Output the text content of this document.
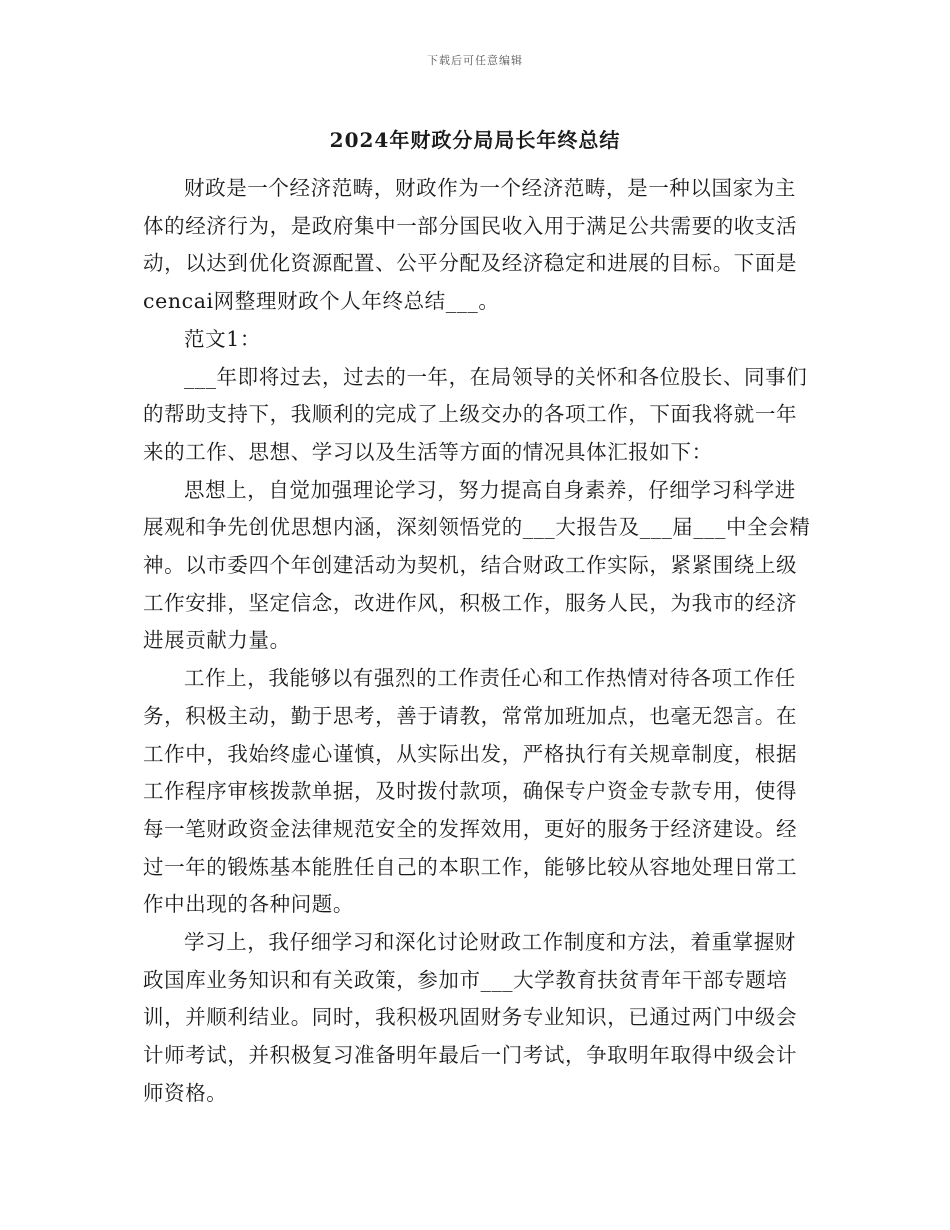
下载后可任意编辑
2024年财政分局局长年终总结

财政是一个经济范畴，财政作为一个经济范畴，是一种以国家为主体的经济行为，是政府集中一部分国民收入用于满足公共需要的收支活动，以达到优化资源配置、公平分配及经济稳定和进展的目标。下面是cencai网整理财政个人年终总结___。

范文1：

___年即将过去，过去的一年，在局领导的关怀和各位股长、同事们的帮助支持下，我顺利的完成了上级交办的各项工作，下面我将就一年来的工作、思想、学习以及生活等方面的情况具体汇报如下：

思想上，自觉加强理论学习，努力提高自身素养，仔细学习科学进展观和争先创优思想内涵，深刻领悟党的___大报告及___届___中全会精神。以市委四个年创建活动为契机，结合财政工作实际，紧紧围绕上级工作安排，坚定信念，改进作风，积极工作，服务人民，为我市的经济进展贡献力量。

工作上，我能够以有强烈的工作责任心和工作热情对待各项工作任务，积极主动，勤于思考，善于请教，常常加班加点，也毫无怨言。在工作中，我始终虚心谨慎，从实际出发，严格执行有关规章制度，根据工作程序审核拨款单据，及时拨付款项，确保专户资金专款专用，使得每一笔财政资金法律规范安全的发挥效用，更好的服务于经济建设。经过一年的锻炼基本能胜任自己的本职工作，能够比较从容地处理日常工作中出现的各种问题。

学习上，我仔细学习和深化讨论财政工作制度和方法，着重掌握财政国库业务知识和有关政策，参加市___大学教育扶贫青年干部专题培训，并顺利结业。同时，我积极巩固财务专业知识，已通过两门中级会计师考试，并积极复习准备明年最后一门考试，争取明年取得中级会计师资格。
